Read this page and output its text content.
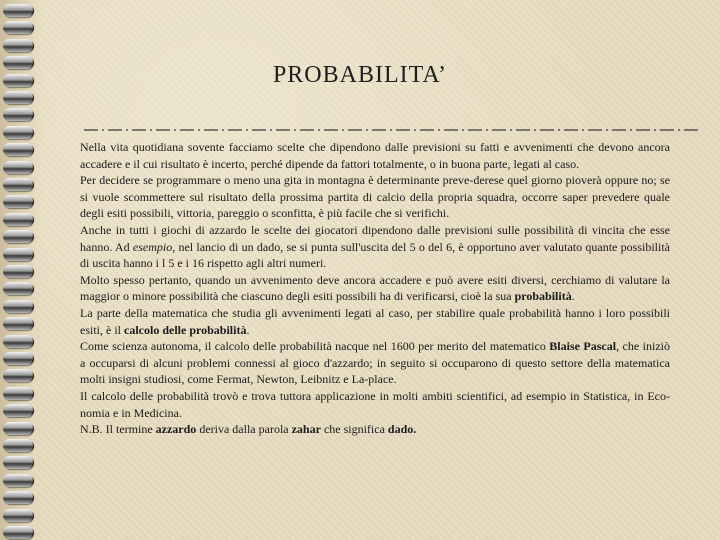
PROBABILITA’

Nella vita quotidiana sovente facciamo scelte che dipendono dalle previsioni su fatti e avvenimenti che devono ancora accadere e il cui risultato è incerto, perché dipende da fattori totalmente, o in buona parte, legati al caso.

Per decidere se programmare o meno una gita in montagna è determinante preve-derese quel giorno pioverà oppure no; se si vuole scommettere sul risultato della prossima partita di calcio della propria squadra, occorre saper prevedere quale degli esiti possibili, vittoria, pareggio o sconfitta, è più facile che si verifichi.

Anche in tutti i giochi di azzardo le scelte dei giocatori dipendono dalle previsioni sulle possibilità di vincita che esse hanno. Ad esempio, nel lancio di un dado, se si punta sull'uscita del 5 o del 6, è opportuno aver valutato quante possibilità di uscita hanno i l 5 e i 16 rispetto agli altri numeri.

Molto spesso pertanto, quando un avvenimento deve ancora accadere e può avere esiti diversi, cerchiamo di valutare la maggior o minore possibilità che ciascuno degli esiti possibili ha di verificarsi, cioè la sua probabilità.

La parte della matematica che studia gli avvenimenti legati al caso, per stabilire quale probabilità hanno i loro possibili esiti, è il calcolo delle probabilità.

Come scienza autonoma, il calcolo delle probabilità nacque nel 1600 per merito del matematico Blaise Pascal, che iniziò a occuparsi di alcuni problemi connessi al gioco d'azzardo; in seguito si occuparono di questo settore della matematica molti insigni studiosi, come Fermat, Newton, Leibnitz e La-place.

Il calcolo delle probabilità trovò e trova tuttora applicazione in molti ambiti scientifici, ad esempio in Statistica, in Eco-nomia e in Medicina.

N.B. Il termine azzardo deriva dalla parola zahar che significa dado.
